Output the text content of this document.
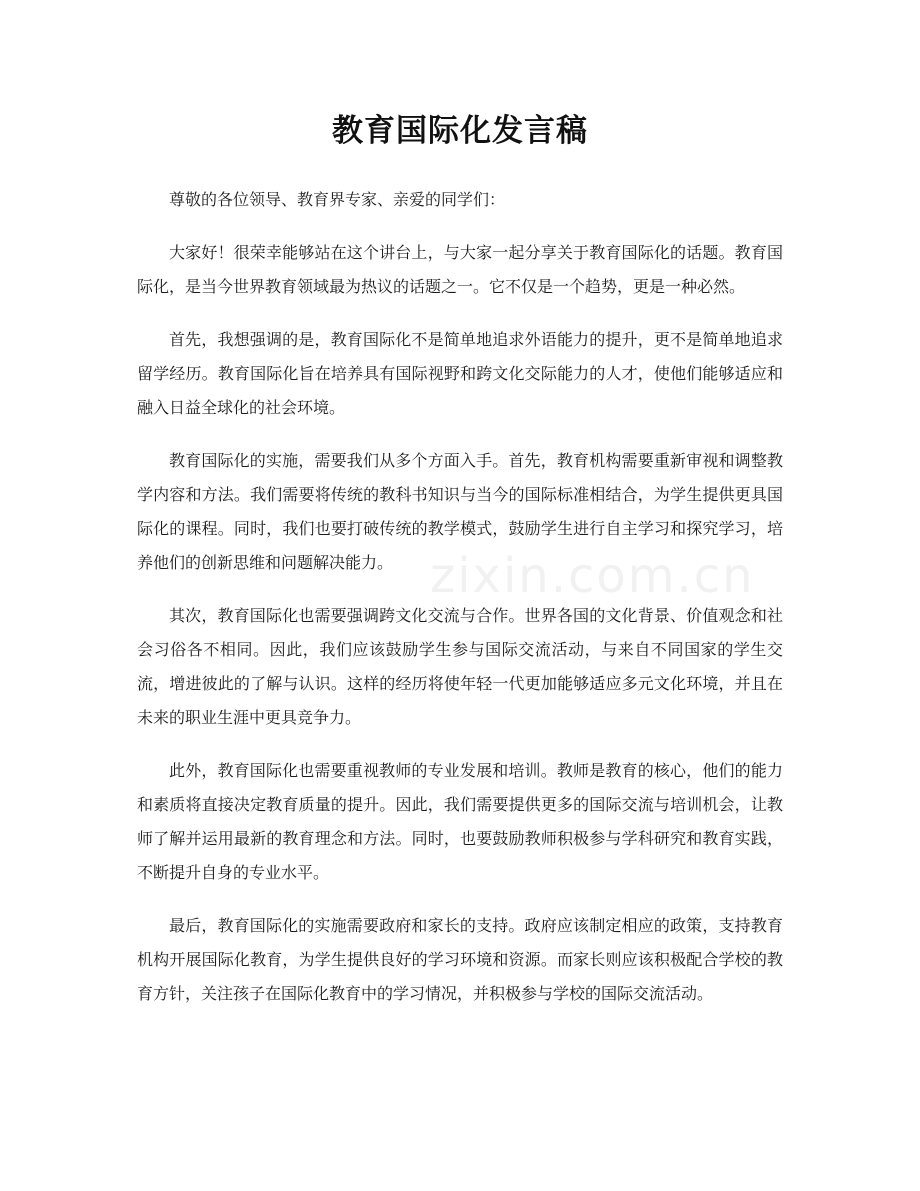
zixin.com.cn
教育国际化发言稿

尊敬的各位领导、教育界专家、亲爱的同学们：

大家好！很荣幸能够站在这个讲台上，与大家一起分享关于教育国际化的话题。教育国际化，是当今世界教育领域最为热议的话题之一。它不仅是一个趋势，更是一种必然。

首先，我想强调的是，教育国际化不是简单地追求外语能力的提升，更不是简单地追求留学经历。教育国际化旨在培养具有国际视野和跨文化交际能力的人才，使他们能够适应和融入日益全球化的社会环境。

教育国际化的实施，需要我们从多个方面入手。首先，教育机构需要重新审视和调整教学内容和方法。我们需要将传统的教科书知识与当今的国际标准相结合，为学生提供更具国际化的课程。同时，我们也要打破传统的教学模式，鼓励学生进行自主学习和探究学习，培养他们的创新思维和问题解决能力。

其次，教育国际化也需要强调跨文化交流与合作。世界各国的文化背景、价值观念和社会习俗各不相同。因此，我们应该鼓励学生参与国际交流活动，与来自不同国家的学生交流，增进彼此的了解与认识。这样的经历将使年轻一代更加能够适应多元文化环境，并且在未来的职业生涯中更具竞争力。

此外，教育国际化也需要重视教师的专业发展和培训。教师是教育的核心，他们的能力和素质将直接决定教育质量的提升。因此，我们需要提供更多的国际交流与培训机会，让教师了解并运用最新的教育理念和方法。同时，也要鼓励教师积极参与学科研究和教育实践，不断提升自身的专业水平。

最后，教育国际化的实施需要政府和家长的支持。政府应该制定相应的政策，支持教育机构开展国际化教育，为学生提供良好的学习环境和资源。而家长则应该积极配合学校的教育方针，关注孩子在国际化教育中的学习情况，并积极参与学校的国际交流活动。
